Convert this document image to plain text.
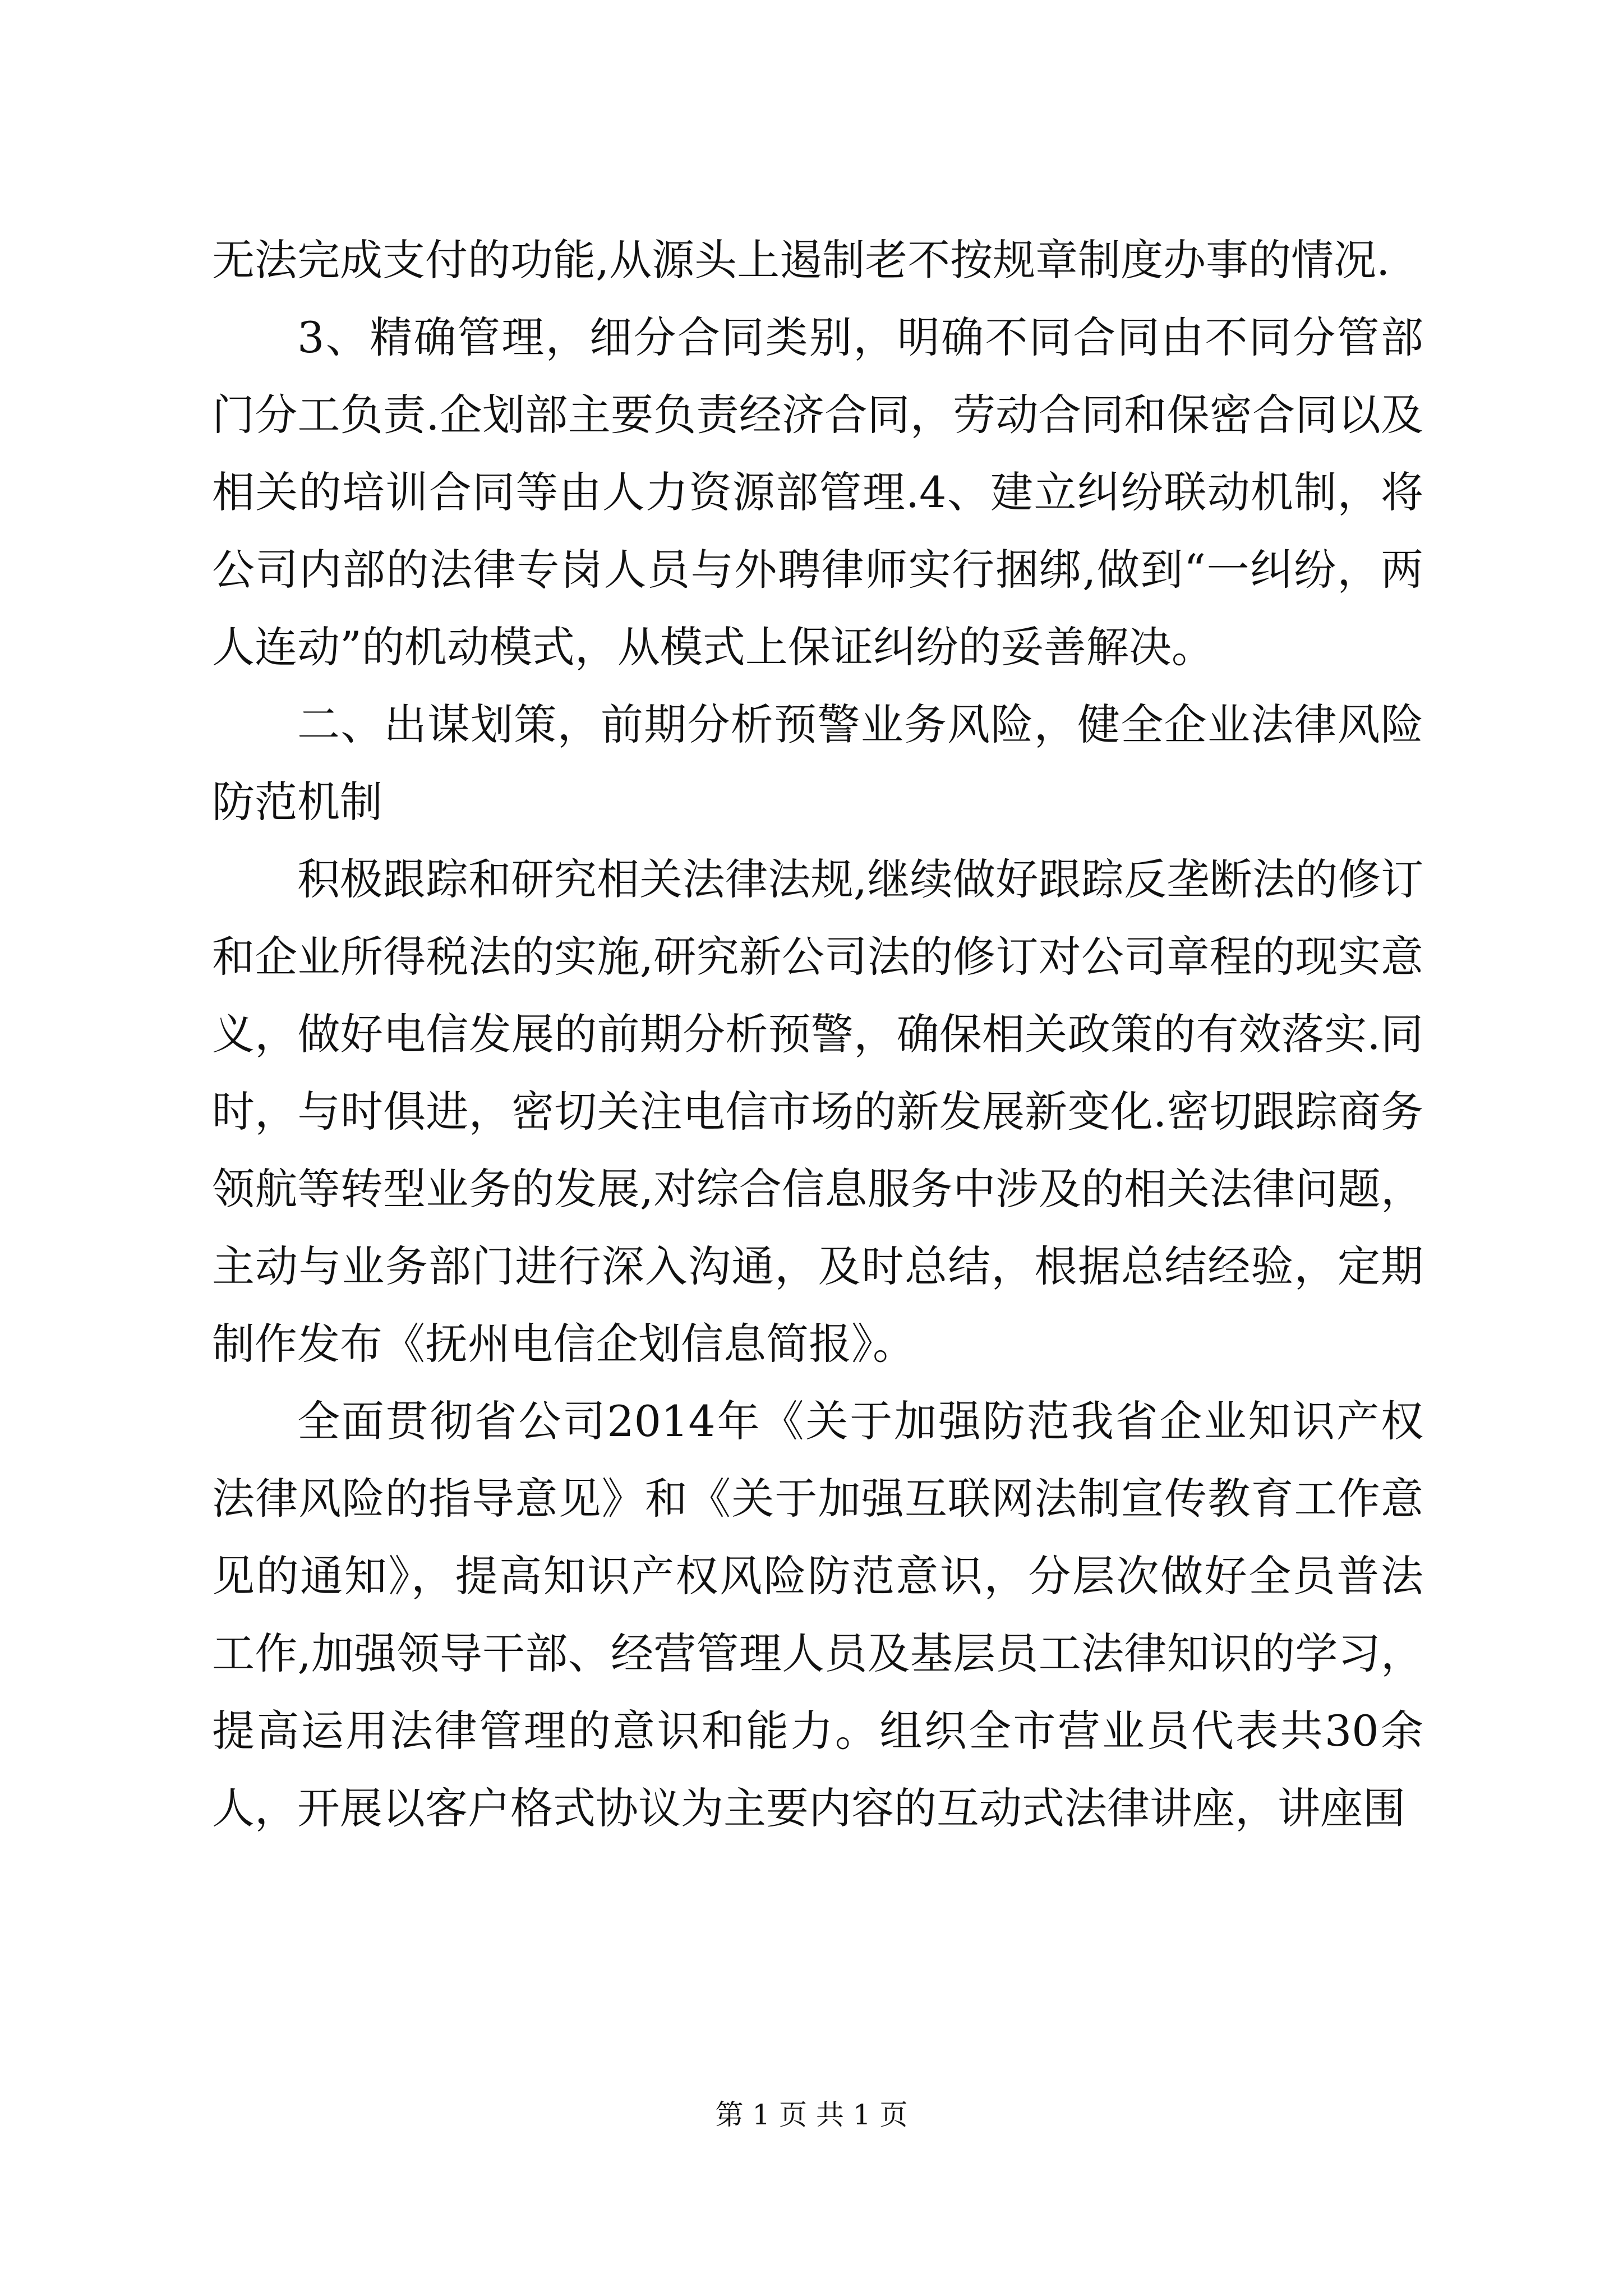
无法完成支付的功能,从源头上遏制老不按规章制度办事的情况.

3、精确管理，细分合同类别，明确不同合同由不同分管部门分工负责.企划部主要负责经济合同，劳动合同和保密合同以及相关的培训合同等由人力资源部管理.4、建立纠纷联动机制，将公司内部的法律专岗人员与外聘律师实行捆绑,做到“一纠纷，两人连动”的机动模式，从模式上保证纠纷的妥善解决。

二、出谋划策，前期分析预警业务风险，健全企业法律风险防范机制

积极跟踪和研究相关法律法规,继续做好跟踪反垄断法的修订和企业所得税法的实施,研究新公司法的修订对公司章程的现实意义，做好电信发展的前期分析预警，确保相关政策的有效落实.同时，与时俱进，密切关注电信市场的新发展新变化.密切跟踪商务领航等转型业务的发展,对综合信息服务中涉及的相关法律问题，主动与业务部门进行深入沟通，及时总结，根据总结经验，定期制作发布《抚州电信企划信息简报》。

全面贯彻省公司2014年《关于加强防范我省企业知识产权法律风险的指导意见》和《关于加强互联网法制宣传教育工作意见的通知》，提高知识产权风险防范意识，分层次做好全员普法工作,加强领导干部、经营管理人员及基层员工法律知识的学习，提高运用法律管理的意识和能力。组织全市营业员代表共30余人，开展以客户格式协议为主要内容的互动式法律讲座，讲座围

第 1 页 共 1 页
